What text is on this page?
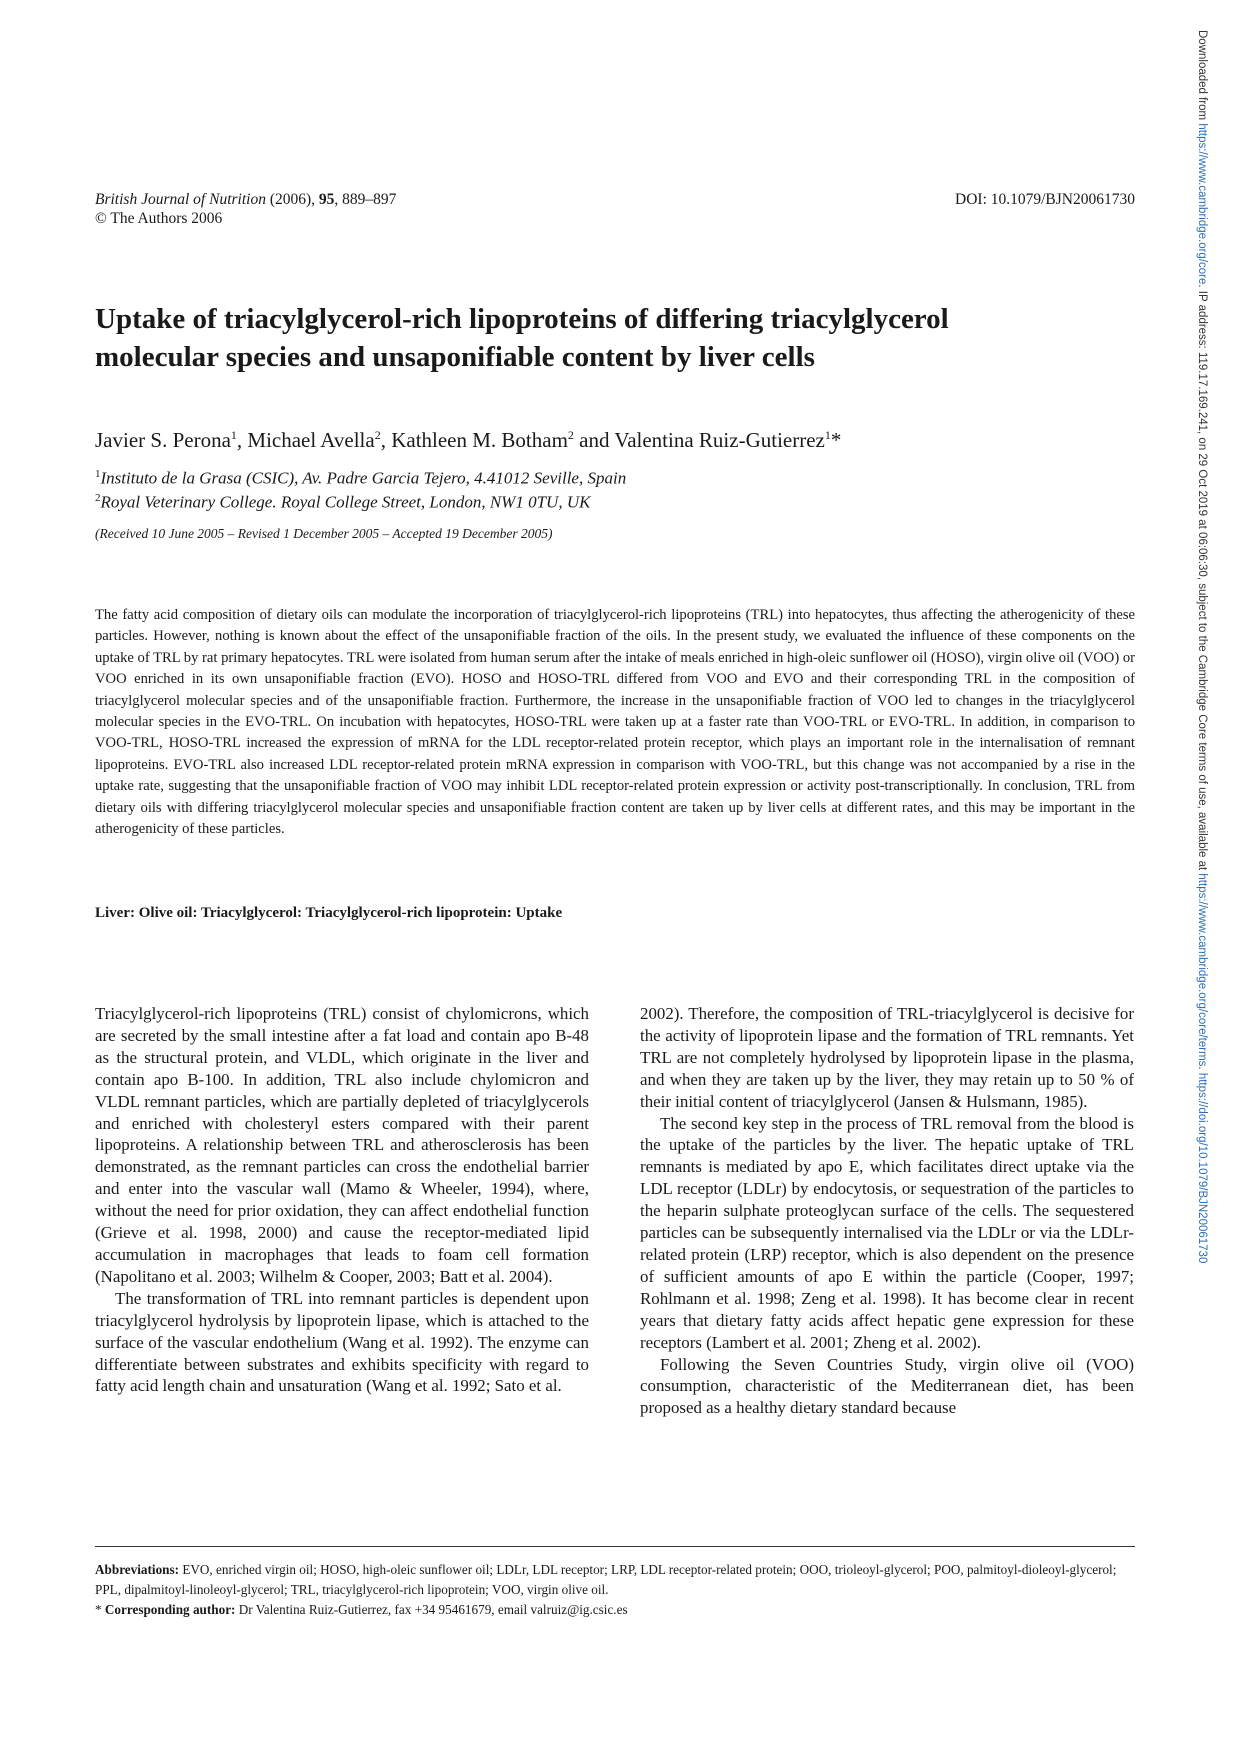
Downloaded from https://www.cambridge.org/core. IP address: 119.17.169.241, on 29 Oct 2019 at 06:06:30, subject to the Cambridge Core terms of use, available at https://www.cambridge.org/core/terms. https://doi.org/10.1079/BJN20061730
British Journal of Nutrition (2006), 95, 889–897
© The Authors 2006
DOI: 10.1079/BJN20061730
Uptake of triacylglycerol-rich lipoproteins of differing triacylglycerol
molecular species and unsaponifiable content by liver cells
Javier S. Perona$^1$, Michael Avella$^2$, Kathleen M. Botham$^2$ and Valentina Ruiz-Gutierrez$^1$*
$^1$Instituto de la Grasa (CSIC), Av. Padre Garcia Tejero, 4.41012 Seville, Spain
$^2$Royal Veterinary College. Royal College Street, London, NW1 0TU, UK
(Received 10 June 2005 – Revised 1 December 2005 – Accepted 19 December 2005)
The fatty acid composition of dietary oils can modulate the incorporation of triacylglycerol-rich lipoproteins (TRL) into hepatocytes, thus affecting the atherogenicity of these particles. However, nothing is known about the effect of the unsaponifiable fraction of the oils. In the present study, we evaluated the influence of these components on the uptake of TRL by rat primary hepatocytes. TRL were isolated from human serum after the intake of meals enriched in high-oleic sunflower oil (HOSO), virgin olive oil (VOO) or VOO enriched in its own unsaponifiable fraction (EVO). HOSO and HOSO-TRL differed from VOO and EVO and their corresponding TRL in the composition of triacylglycerol molecular species and of the unsaponifiable fraction. Furthermore, the increase in the unsaponifiable fraction of VOO led to changes in the triacylglycerol molecular species in the EVO-TRL. On incubation with hepatocytes, HOSO-TRL were taken up at a faster rate than VOO-TRL or EVO-TRL. In addition, in comparison to VOO-TRL, HOSO-TRL increased the expression of mRNA for the LDL receptor-related protein receptor, which plays an important role in the internalisation of remnant lipoproteins. EVO-TRL also increased LDL receptor-related protein mRNA expression in comparison with VOO-TRL, but this change was not accompanied by a rise in the uptake rate, suggesting that the unsaponifiable fraction of VOO may inhibit LDL receptor-related protein expression or activity post-transcriptionally. In conclusion, TRL from dietary oils with differing triacylglycerol molecular species and unsaponifiable fraction content are taken up by liver cells at different rates, and this may be important in the atherogenicity of these particles.
Liver: Olive oil: Triacylglycerol: Triacylglycerol-rich lipoprotein: Uptake

Triacylglycerol-rich lipoproteins (TRL) consist of chylomicrons, which are secreted by the small intestine after a fat load and contain apo B-48 as the structural protein, and VLDL, which originate in the liver and contain apo B-100. In addition, TRL also include chylomicron and VLDL remnant particles, which are partially depleted of triacylglycerols and enriched with cholesteryl esters compared with their parent lipoproteins. A relationship between TRL and atherosclerosis has been demonstrated, as the remnant particles can cross the endothelial barrier and enter into the vascular wall (Mamo & Wheeler, 1994), where, without the need for prior oxidation, they can affect endothelial function (Grieve et al. 1998, 2000) and cause the receptor-mediated lipid accumulation in macrophages that leads to foam cell formation (Napolitano et al. 2003; Wilhelm & Cooper, 2003; Batt et al. 2004).

The transformation of TRL into remnant particles is dependent upon triacylglycerol hydrolysis by lipoprotein lipase, which is attached to the surface of the vascular endothelium (Wang et al. 1992). The enzyme can differentiate between substrates and exhibits specificity with regard to fatty acid length chain and unsaturation (Wang et al. 1992; Sato et al.

2002). Therefore, the composition of TRL-triacylglycerol is decisive for the activity of lipoprotein lipase and the formation of TRL remnants. Yet TRL are not completely hydrolysed by lipoprotein lipase in the plasma, and when they are taken up by the liver, they may retain up to 50 % of their initial content of triacylglycerol (Jansen & Hulsmann, 1985).

The second key step in the process of TRL removal from the blood is the uptake of the particles by the liver. The hepatic uptake of TRL remnants is mediated by apo E, which facilitates direct uptake via the LDL receptor (LDLr) by endocytosis, or sequestration of the particles to the heparin sulphate proteoglycan surface of the cells. The sequestered particles can be subsequently internalised via the LDLr or via the LDLr-related protein (LRP) receptor, which is also dependent on the presence of sufficient amounts of apo E within the particle (Cooper, 1997; Rohlmann et al. 1998; Zeng et al. 1998). It has become clear in recent years that dietary fatty acids affect hepatic gene expression for these receptors (Lambert et al. 2001; Zheng et al. 2002).

Following the Seven Countries Study, virgin olive oil (VOO) consumption, characteristic of the Mediterranean diet, has been proposed as a healthy dietary standard because

Abbreviations: EVO, enriched virgin oil; HOSO, high-oleic sunflower oil; LDLr, LDL receptor; LRP, LDL receptor-related protein; OOO, trioleoyl-glycerol; POO, palmitoyl-dioleoyl-glycerol; PPL, dipalmitoyl-linoleoyl-glycerol; TRL, triacylglycerol-rich lipoprotein; VOO, virgin olive oil.
* Corresponding author: Dr Valentina Ruiz-Gutierrez, fax +34 95461679, email valruiz@ig.csic.es
